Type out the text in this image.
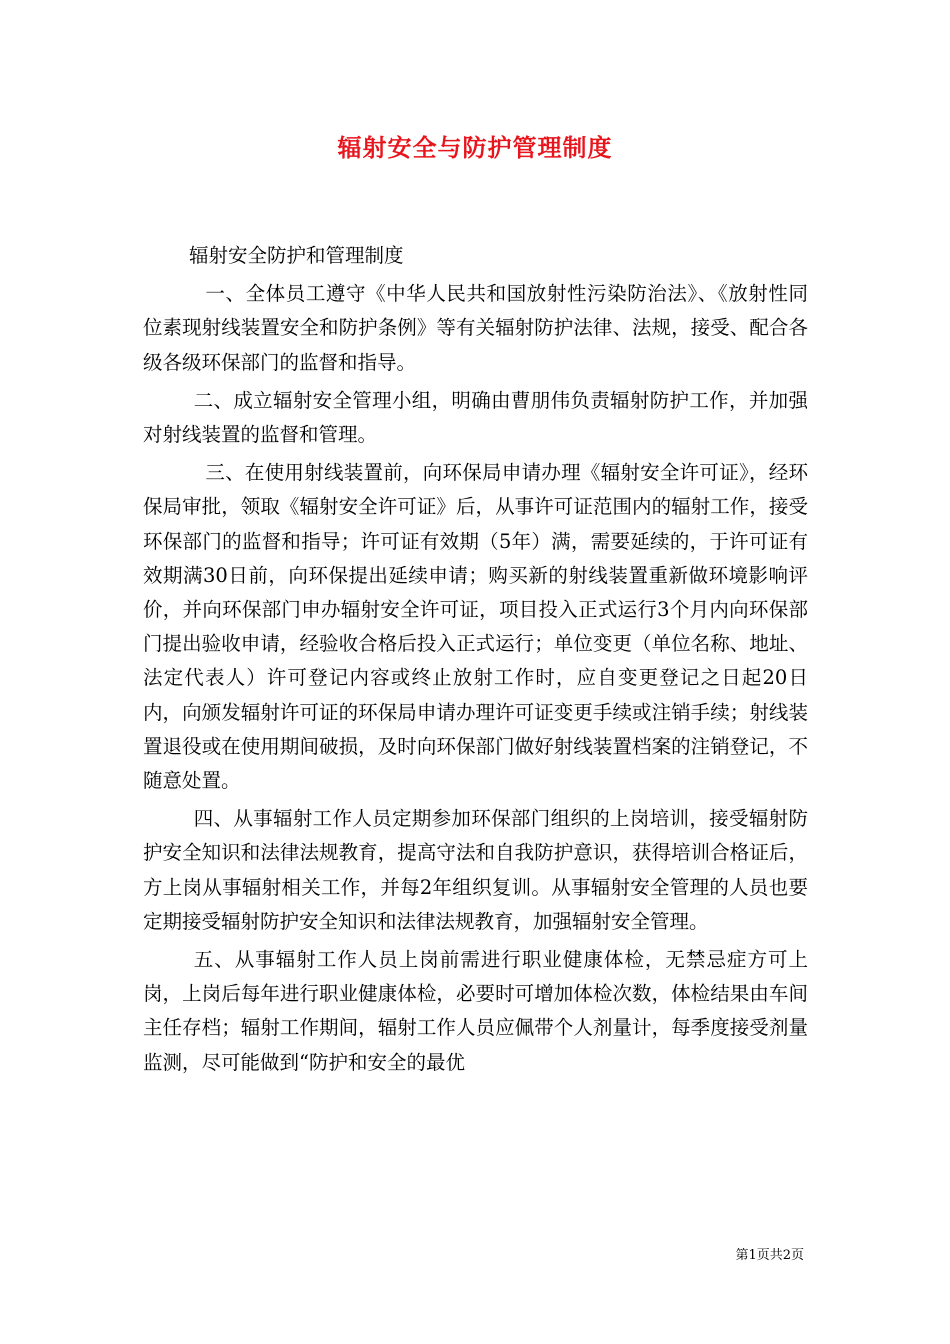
辐射安全与防护管理制度

辐射安全防护和管理制度

一、全体员工遵守《中华人民共和国放射性污染防治法》、《放射性同位素现射线装置安全和防护条例》等有关辐射防护法律、法规，接受、配合各级各级环保部门的监督和指导。

二、成立辐射安全管理小组，明确由曹朋伟负责辐射防护工作，并加强对射线装置的监督和管理。

三、在使用射线装置前，向环保局申请办理《辐射安全许可证》，经环保局审批，领取《辐射安全许可证》后，从事许可证范围内的辐射工作，接受环保部门的监督和指导；许可证有效期（5年）满，需要延续的，于许可证有效期满30日前，向环保提出延续申请；购买新的射线装置重新做环境影响评价，并向环保部门申办辐射安全许可证，项目投入正式运行3个月内向环保部门提出验收申请，经验收合格后投入正式运行；单位变更（单位名称、地址、法定代表人）许可登记内容或终止放射工作时，应自变更登记之日起20日内，向颁发辐射许可证的环保局申请办理许可证变更手续或注销手续；射线装置退役或在使用期间破损，及时向环保部门做好射线装置档案的注销登记，不随意处置。

四、从事辐射工作人员定期参加环保部门组织的上岗培训，接受辐射防护安全知识和法律法规教育，提高守法和自我防护意识，获得培训合格证后，方上岗从事辐射相关工作，并每2年组织复训。从事辐射安全管理的人员也要定期接受辐射防护安全知识和法律法规教育，加强辐射安全管理。

五、从事辐射工作人员上岗前需进行职业健康体检，无禁忌症方可上岗，上岗后每年进行职业健康体检，必要时可增加体检次数，体检结果由车间主任存档；辐射工作期间，辐射工作人员应佩带个人剂量计，每季度接受剂量监测，尽可能做到“防护和安全的最优

第1页共2页
